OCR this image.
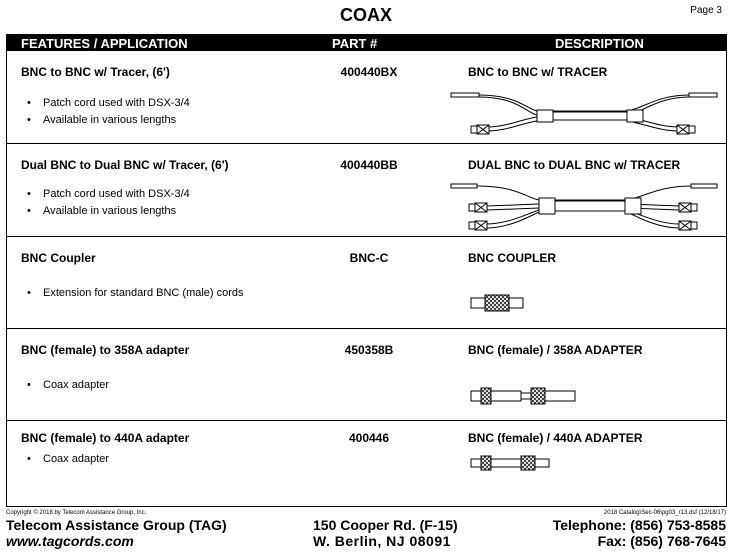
COAX	Page 3
FEATURES / APPLICATION	PART #	DESCRIPTION
BNC to BNC w/ Tracer, (6')	400440BX	BNC to BNC w/ TRACER
• Patch cord used with DSX-3/4
• Available in various lengths
Dual BNC to Dual BNC w/ Tracer, (6')	400440BB	DUAL BNC to DUAL BNC w/ TRACER
• Patch cord used with DSX-3/4
• Available in various lengths
BNC Coupler	BNC-C	BNC COUPLER
• Extension for standard BNC (male) cords
BNC (female) to 358A adapter	450358B	BNC (female) / 358A ADAPTER
• Coax adapter
BNC (female) to 440A adapter	400446	BNC (female) / 440A ADAPTER
• Coax adapter
Copyright © 2018 by Telecom Assistance Group, Inc.	2018 Catalog\Sec-06\pg03_r13.dsf (12/18/17)
Telecom Assistance Group (TAG)
www.tagcords.com
150 Cooper Rd. (F-15)
W. Berlin, NJ 08091
Telephone: (856) 753-8585
Fax: (856) 768-7645
